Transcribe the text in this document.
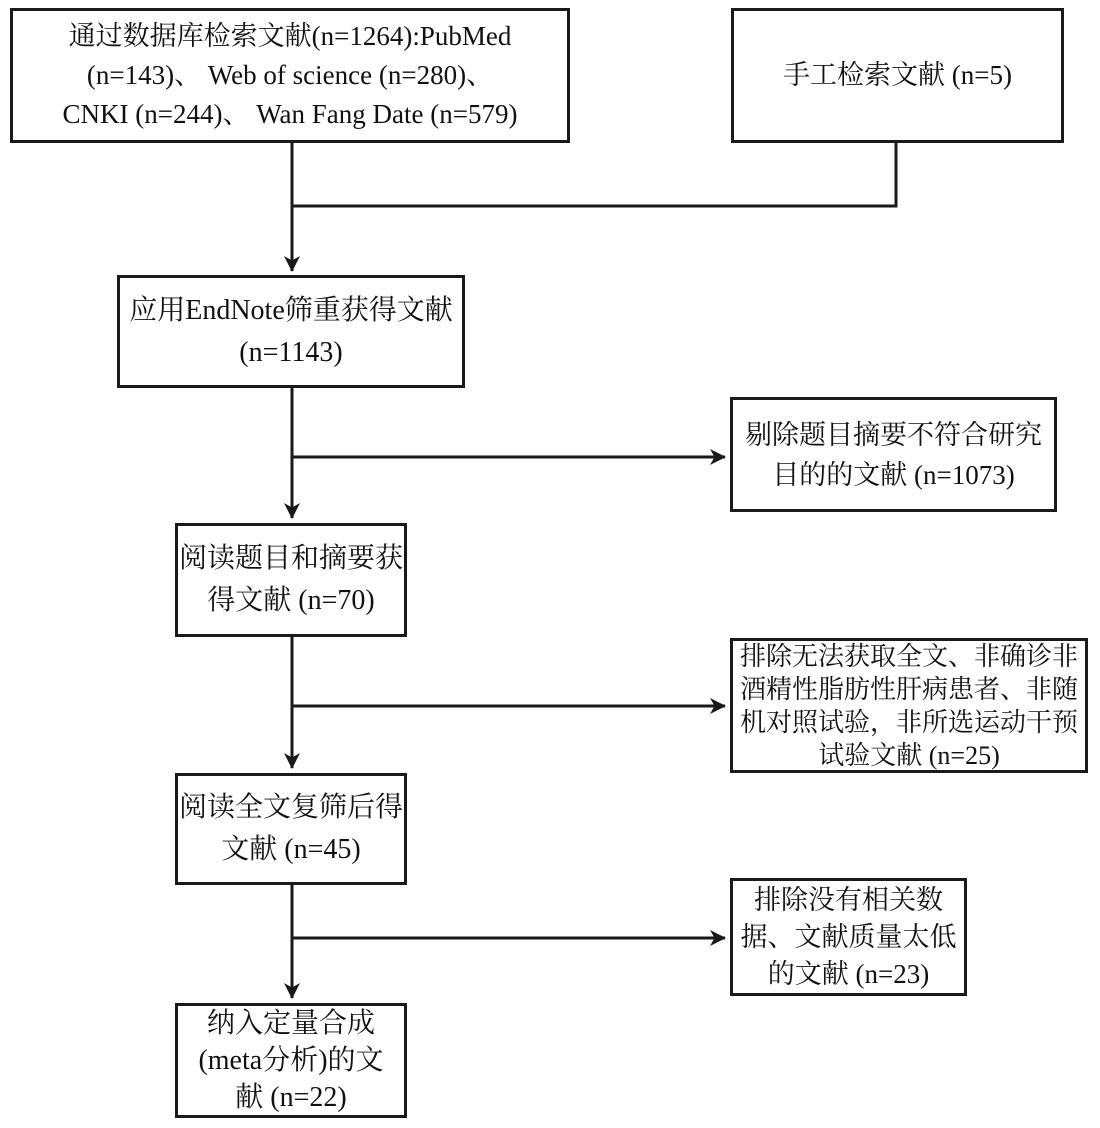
通过数据库检索文献(n=1264):PubMed
(n=143)、 Web of science (n=280)、
CNKI (n=244)、 Wan Fang Date (n=579)
手工检索文献 (n=5)
应用EndNote筛重获得文献
(n=1143)
阅读题目和摘要获
得文献 (n=70)
阅读全文复筛后得
文献 (n=45)
纳入定量合成
(meta分析)的文
献 (n=22)
剔除题目摘要不符合研究
目的的文献 (n=1073)
排除无法获取全文、非确诊非
酒精性脂肪性肝病患者、非随
机对照试验，非所选运动干预
试验文献 (n=25)
排除没有相关数
据、文献质量太低
的文献 (n=23)
